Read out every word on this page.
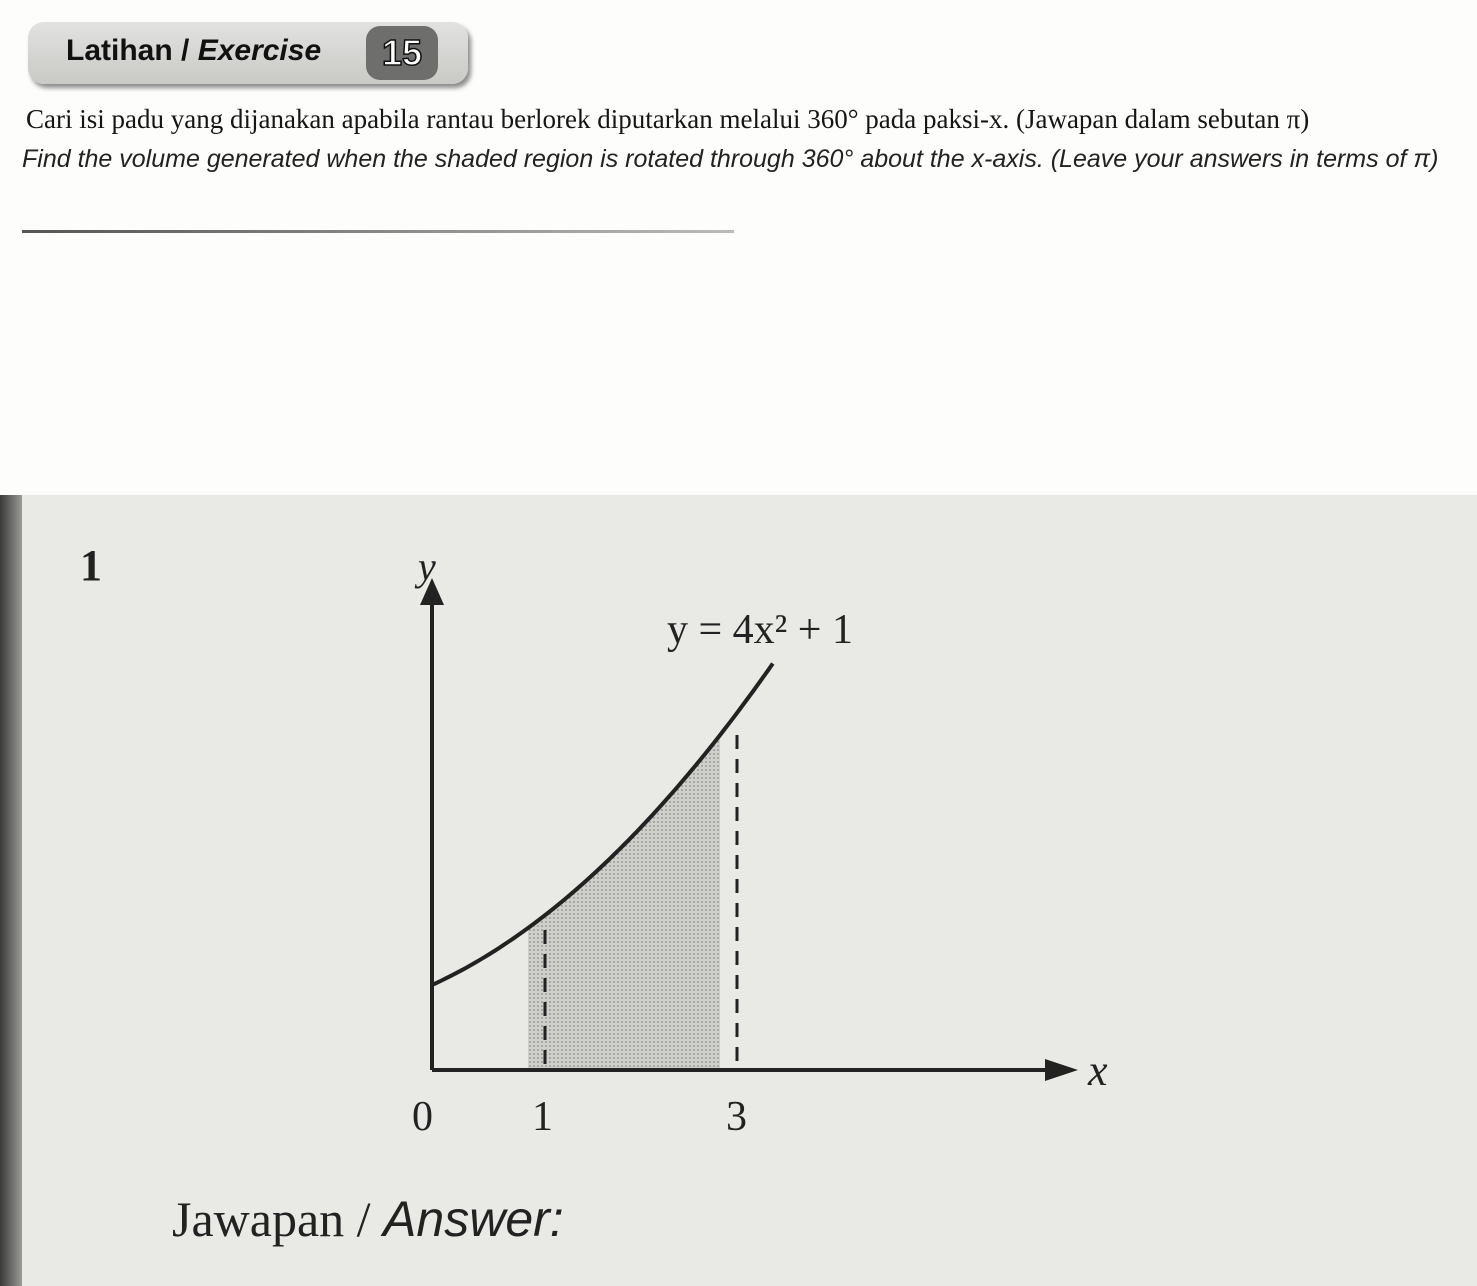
Latihan / Exercise	15
Cari isi padu yang dijanakan apabila rantau berlorek diputarkan melalui 360° pada paksi-x. (Jawapan dalam sebutan π)
Find the volume generated when the shaded region is rotated through 360° about the x-axis. (Leave your answers in terms of π)
1	y
x
y = 4x² + 1
0 1	3
Jawapan / Answer:
